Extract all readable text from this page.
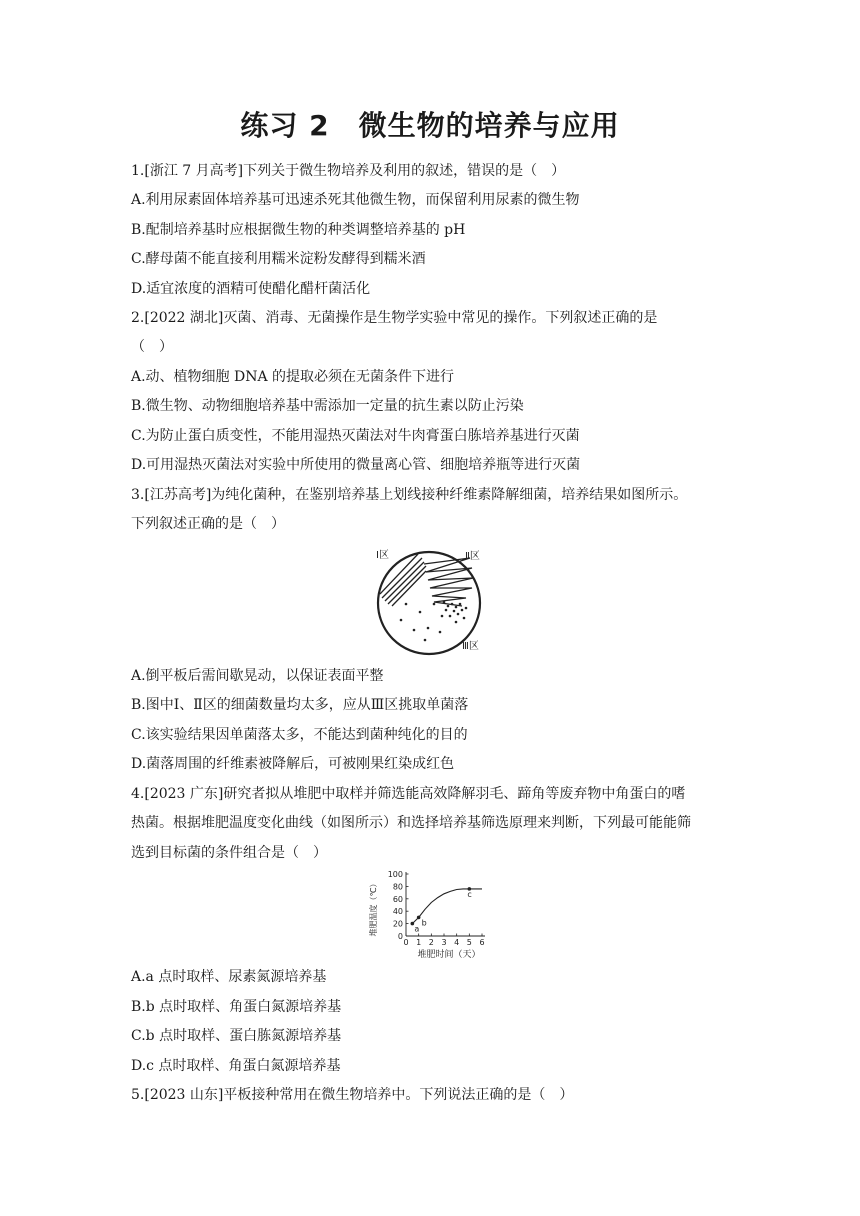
练习 2　微生物的培养与应用
1.[浙江 7 月高考]下列关于微生物培养及利用的叙述，错误的是（　）
A.利用尿素固体培养基可迅速杀死其他微生物，而保留利用尿素的微生物
B.配制培养基时应根据微生物的种类调整培养基的 pH
C.酵母菌不能直接利用糯米淀粉发酵得到糯米酒
D.适宜浓度的酒精可使醋化醋杆菌活化
2.[2022 湖北]灭菌、消毒、无菌操作是生物学实验中常见的操作。下列叙述正确的是
（　）
A.动、植物细胞 DNA 的提取必须在无菌条件下进行
B.微生物、动物细胞培养基中需添加一定量的抗生素以防止污染
C.为防止蛋白质变性，不能用湿热灭菌法对牛肉膏蛋白胨培养基进行灭菌
D.可用湿热灭菌法对实验中所使用的微量离心管、细胞培养瓶等进行灭菌
3.[江苏高考]为纯化菌种，在鉴别培养基上划线接种纤维素降解细菌，培养结果如图所示。
下列叙述正确的是（　）
Ⅰ区	Ⅱ区
Ⅲ区
A.倒平板后需间歇晃动，以保证表面平整
B.图中Ⅰ、Ⅱ区的细菌数量均太多，应从Ⅲ区挑取单菌落
C.该实验结果因单菌落太多，不能达到菌种纯化的目的
D.菌落周围的纤维素被降解后，可被刚果红染成红色
4.[2023 广东]研究者拟从堆肥中取样并筛选能高效降解羽毛、蹄角等废弃物中角蛋白的嗜
热菌。根据堆肥温度变化曲线（如图所示）和选择培养基筛选原理来判断，下列最可能能筛
选到目标菌的条件组合是（　）
0 1 2 3 4 5 6
0
20
40
60
80
100
a
b
c
堆肥时间（天）
堆肥温度（℃）
A.a 点时取样、尿素氮源培养基
B.b 点时取样、角蛋白氮源培养基
C.b 点时取样、蛋白胨氮源培养基
D.c 点时取样、角蛋白氮源培养基
5.[2023 山东]平板接种常用在微生物培养中。下列说法正确的是（　）
